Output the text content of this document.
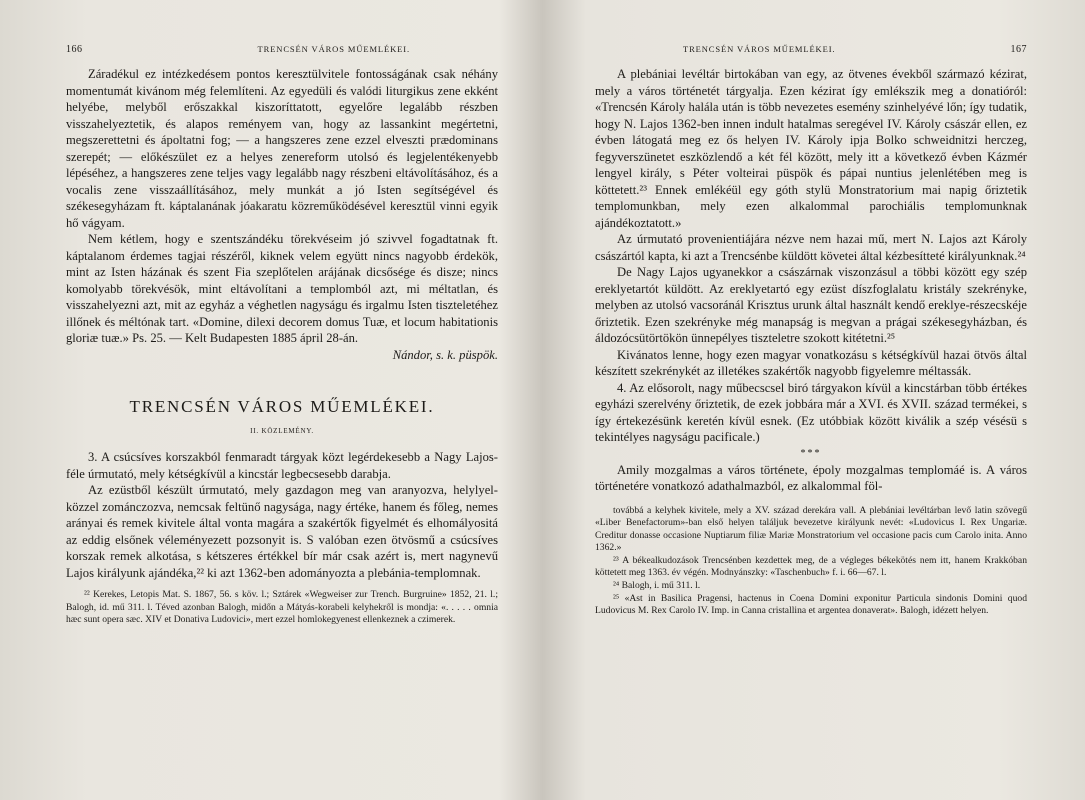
166	TRENCSÉN VÁROS MŰEMLÉKEI.

Záradékul ez intézkedésem pontos keresztülvitele fontosságának csak néhány momentumát kivánom még felemlíteni. Az egyedüli és valódi liturgikus zene ekként helyébe, melyből erőszakkal kiszoríttatott, egyelőre legalább részben visszahelyeztetik, és alapos reményem van, hogy az lassankint megértetni, megszerettetni és ápoltatni fog; — a hangszeres zene ezzel elveszti prædominans szerepét; — előkészület ez a helyes zenereform utolsó és legjelentékenyebb lépéséhez, a hangszeres zene teljes vagy legalább nagy részbeni eltávolításához, és a vocalis zene visszaállításához, mely munkát a jó Isten segítségével és székesegyházam ft. káptalanának jóakaratu közreműködésével keresztül vinni egyik hő vágyam.

Nem kétlem, hogy e szentszándéku törekvéseim jó szivvel fogadtatnak ft. káptalanom érdemes tagjai részéről, kiknek velem együtt nincs nagyobb érdekök, mint az Isten házának és szent Fia szeplőtelen arájának dicsősége és disze; nincs komolyabb törekvésök, mint eltávolítani a templomból azt, mi méltatlan, és visszahelyezni azt, mit az egyház a véghetlen nagyságu és irgalmu Isten tiszteletéhez illőnek és méltónak tart. «Domine, dilexi decorem domus Tuæ, et locum habitationis gloriæ tuæ.» Ps. 25. — Kelt Budapesten 1885 ápril 28-án.

Nándor, s. k. püspök.
TRENCSÉN VÁROS MŰEMLÉKEI.
II. KÖZLEMÉNY.

3. A csúcsíves korszakból fenmaradt tárgyak közt legérdekesebb a Nagy Lajos-féle úrmutató, mely kétségkívül a kincstár legbecsesebb darabja.

Az ezüstből készült úrmutató, mely gazdagon meg van aranyozva, helylyel-közzel zománczozva, nemcsak feltünő nagysága, nagy értéke, hanem és főleg, nemes arányai és remek kivitele által vonta magára a szakértők figyelmét és elhomályositá az eddig elsőnek véleményezett pozsonyit is. S valóban ezen ötvösmű a csúcsíves korszak remek alkotása, s kétszeres értékkel bír már csak azért is, mert nagynevű Lajos királyunk ajándéka,²² ki azt 1362-ben adományozta a plebánia-templomnak.

²² Kerekes, Letopis Mat. S. 1867, 56. s köv. l.; Sztárek «Wegweiser zur Trench. Burgruine» 1852, 21. l.; Balogh, id. mű 311. l. Téved azonban Balogh, midőn a Mátyás-korabeli kelyhekről is mondja: «. . . . . omnia hæc sunt opera sæc. XIV et Donativa Ludovici», mert ezzel homlokegyenest ellenkeznek a czimerek.

TRENCSÉN VÁROS MŰEMLÉKEI.	167

A plebániai levéltár birtokában van egy, az ötvenes évekből származó kézirat, mely a város történetét tárgyalja. Ezen kézirat így emlékszik meg a donatióról: «Trencsén Károly halála után is több nevezetes esemény szinhelyévé lőn; így tudatik, hogy N. Lajos 1362-ben innen indult hatalmas seregével IV. Károly császár ellen, ez évben látogatá meg ez ős helyen IV. Károly ipja Bolko schweidnitzi herczeg, fegyverszünetet eszközlendő a két fél között, mely itt a következő évben Kázmér lengyel király, s Péter volteirai püspök és pápai nuntius jelenlétében meg is köttetett.²³ Ennek emlékéül egy góth stylü Monstratorium mai napig őriztetik templomunkban, mely ezen alkalommal parochiális templomunknak ajándékoztatott.»

Az úrmutató provenientiájára nézve nem hazai mű, mert N. Lajos azt Károly császártól kapta, ki azt a Trencsénbe küldött követei által kézbesítteté királyunknak.²⁴

De Nagy Lajos ugyanekkor a császárnak viszonzásul a többi között egy szép ereklyetartót küldött. Az ereklyetartó egy ezüst díszfoglalatu kristály szekrényke, melyben az utolsó vacsoránál Krisztus urunk által használt kendő ereklye-részecskéje őriztetik. Ezen szekrényke még manapság is megvan a prágai székesegyházban, és áldozócsütörtökön ünnepélyes tiszteletre szokott kitétetni.²⁵

Kivánatos lenne, hogy ezen magyar vonatkozásu s kétségkívül hazai ötvös által készített szekrénykét az illetékes szakértők nagyobb figyelemre méltassák.

4. Az elősorolt, nagy műbecscsel biró tárgyakon kívül a kincstárban több értékes egyházi szerelvény őriztetik, de ezek jobbára már a XVI. és XVII. század termékei, s így értekezésünk keretén kívül esnek. (Ez utóbbiak között kiválik a szép vésésü s tekintélyes nagyságu pacificale.)

***

Amily mozgalmas a város története, époly mozgalmas templomáé is. A város történetére vonatkozó adathalmazból, ez alkalommal föl-

továbbá a kelyhek kivitele, mely a XV. század derekára vall. A plebániai levéltárban levő latin szövegű «Liber Benefactorum»-ban első helyen találjuk bevezetve királyunk nevét: «Ludovicus I. Rex Ungariæ. Creditur donasse occasione Nuptiarum filiæ Mariæ Monstratorium vel occasione pacis cum Carolo inita. Anno 1362.»

²³ A békealkudozások Trencsénben kezdettek meg, de a végleges békekötés nem itt, hanem Krakkóban köttetett meg 1363. év végén. Modnyánszky: «Taschenbuch» f. i. 66—67. l.

²⁴ Balogh, i. mű 311. l.

²⁵ «Ast in Basilica Pragensi, hactenus in Coena Domini exponitur Particula sindonis Domini quod Ludovicus M. Rex Carolo IV. Imp. in Canna cristallina et argentea donaverat». Balogh, idézett helyen.
